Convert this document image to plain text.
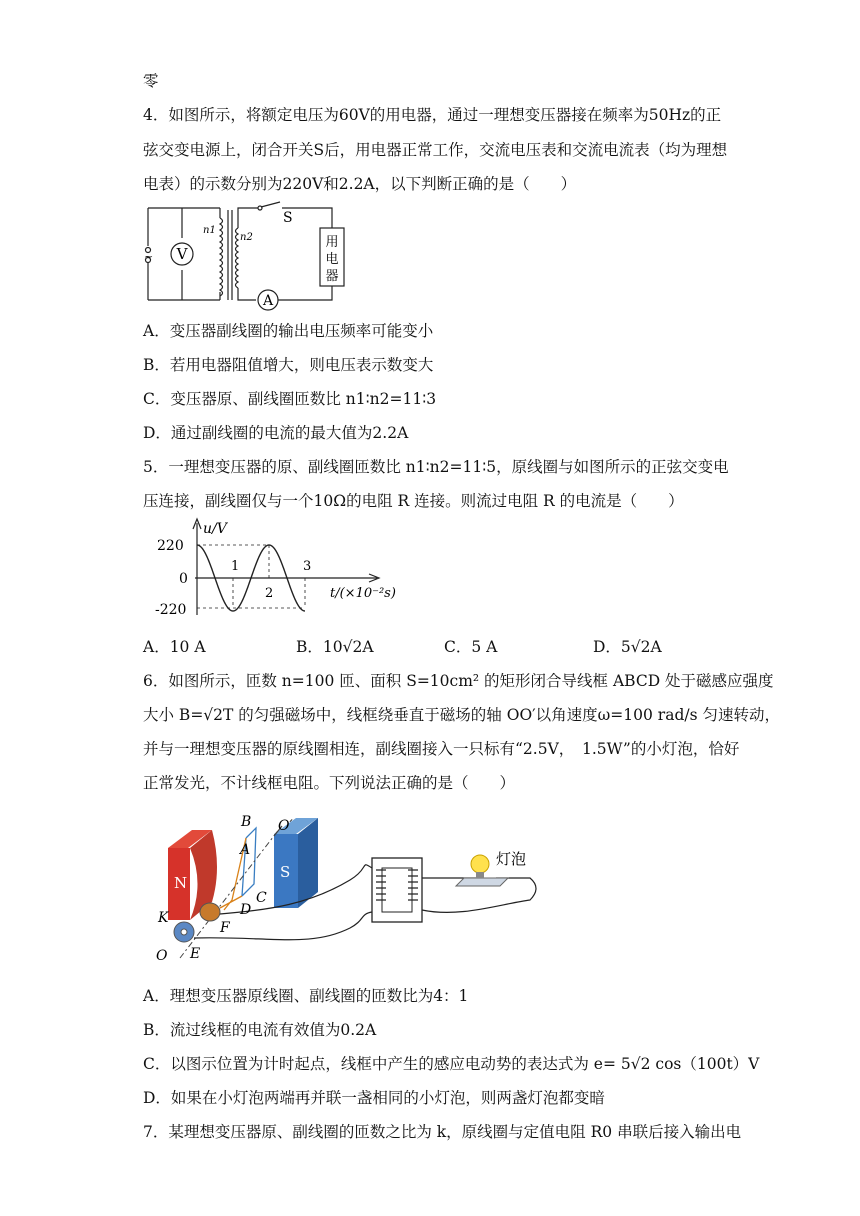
零
4．如图所示，将额定电压为60V的用电器，通过一理想变压器接在频率为50Hz的正
弦交变电源上，闭合开关S后，用电器正常工作，交流电压表和交流电流表（均为理想
电表）的示数分别为220V和2.2A，以下判断正确的是（　　）
V
A
S
n1
n2
~
用
电
器
A．变压器副线圈的输出电压频率可能变小
B．若用电器阻值增大，则电压表示数变大
C．变压器原、副线圈匝数比 n1∶n2=11∶3
D．通过副线圈的电流的最大值为2.2A
5．一理想变压器的原、副线圈匝数比 n1∶n2=11∶5，原线圈与如图所示的正弦交变电
压连接，副线圈仅与一个10Ω的电阻 R 连接。则流过电阻 R 的电流是（　　）
u/V
220
0
-220
1
2
3
t/(×10⁻²s)
A．10 A	B．10√2A	C．5 A	D．5√2A
6．如图所示，匝数 n=100 匝、面积 S=10cm² 的矩形闭合导线框 ABCD 处于磁感应强度
大小 B=√2T 的匀强磁场中，线框绕垂直于磁场的轴 OO′以角速度ω=100 rad/s 匀速转动，
并与一理想变压器的原线圈相连，副线圈接入一只标有“2.5V，　1.5W”的小灯泡，恰好
正常发光，不计线框电阻。下列说法正确的是（　　）
N
S
灯泡
A
B
C
D
E
F
K
O
O′
A．理想变压器原线圈、副线圈的匝数比为4：1
B．流过线框的电流有效值为0.2A
C．以图示位置为计时起点，线框中产生的感应电动势的表达式为 e= 5√2 cos（100t）V
D．如果在小灯泡两端再并联一盏相同的小灯泡，则两盏灯泡都变暗
7．某理想变压器原、副线圈的匝数之比为 k，原线圈与定值电阻 R0 串联后接入输出电
